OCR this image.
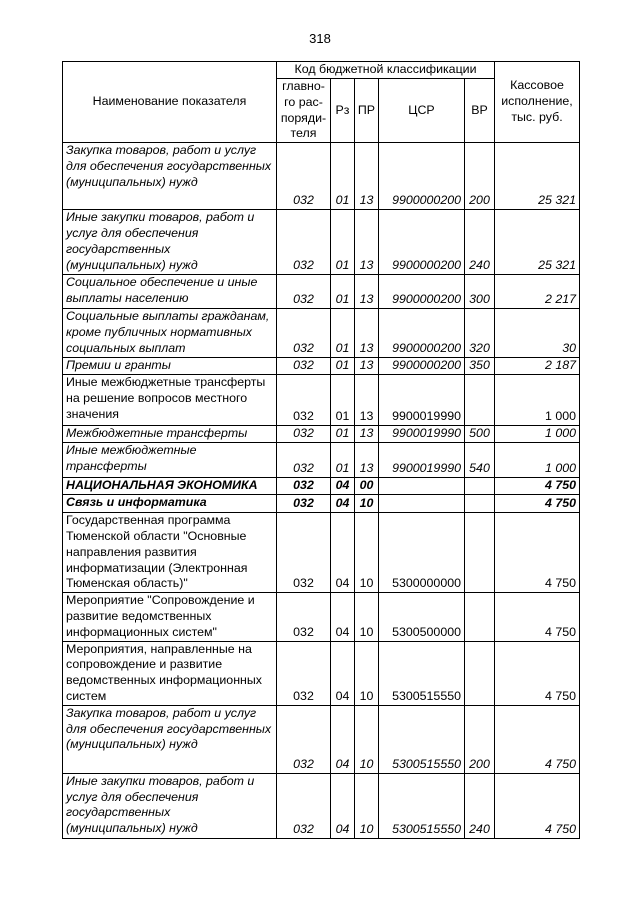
318
Наименование показателя	Код бюджетной классификации					Кассовое исполнение, тыс. руб.
	главно-го рас-поряди-теля	Рз	ПР	ЦСР	ВР	
Закупка товаров, работ и услуг для обеспечения государственных (муниципальных) нужд	032	01	13	9900000200	200	25 321
Иные закупки товаров, работ и услуг для обеспечения государственных (муниципальных) нужд	032	01	13	9900000200	240	25 321
Социальное обеспечение и иные выплаты населению	032	01	13	9900000200	300	2 217
Социальные выплаты гражданам, кроме публичных нормативных социальных выплат	032	01	13	9900000200	320	30
Премии и гранты	032	01	13	9900000200	350	2 187
Иные межбюджетные трансферты на решение вопросов местного значения	032	01	13	9900019990		1 000
Межбюджетные трансферты	032	01	13	9900019990	500	1 000
Иные межбюджетные трансферты	032	01	13	9900019990	540	1 000
НАЦИОНАЛЬНАЯ ЭКОНОМИКА	032	04	00			4 750
Связь и информатика	032	04	10			4 750
Государственная программа Тюменской области "Основные направления развития информатизации (Электронная Тюменская область)"	032	04	10	5300000000		4 750
Мероприятие "Сопровождение и развитие ведомственных информационных систем"	032	04	10	5300500000		4 750
Мероприятия, направленные на сопровождение и развитие ведомственных информационных систем	032	04	10	5300515550		4 750
Закупка товаров, работ и услуг для обеспечения государственных (муниципальных) нужд	032	04	10	5300515550	200	4 750
Иные закупки товаров, работ и услуг для обеспечения государственных (муниципальных) нужд	032	04	10	5300515550	240	4 750
